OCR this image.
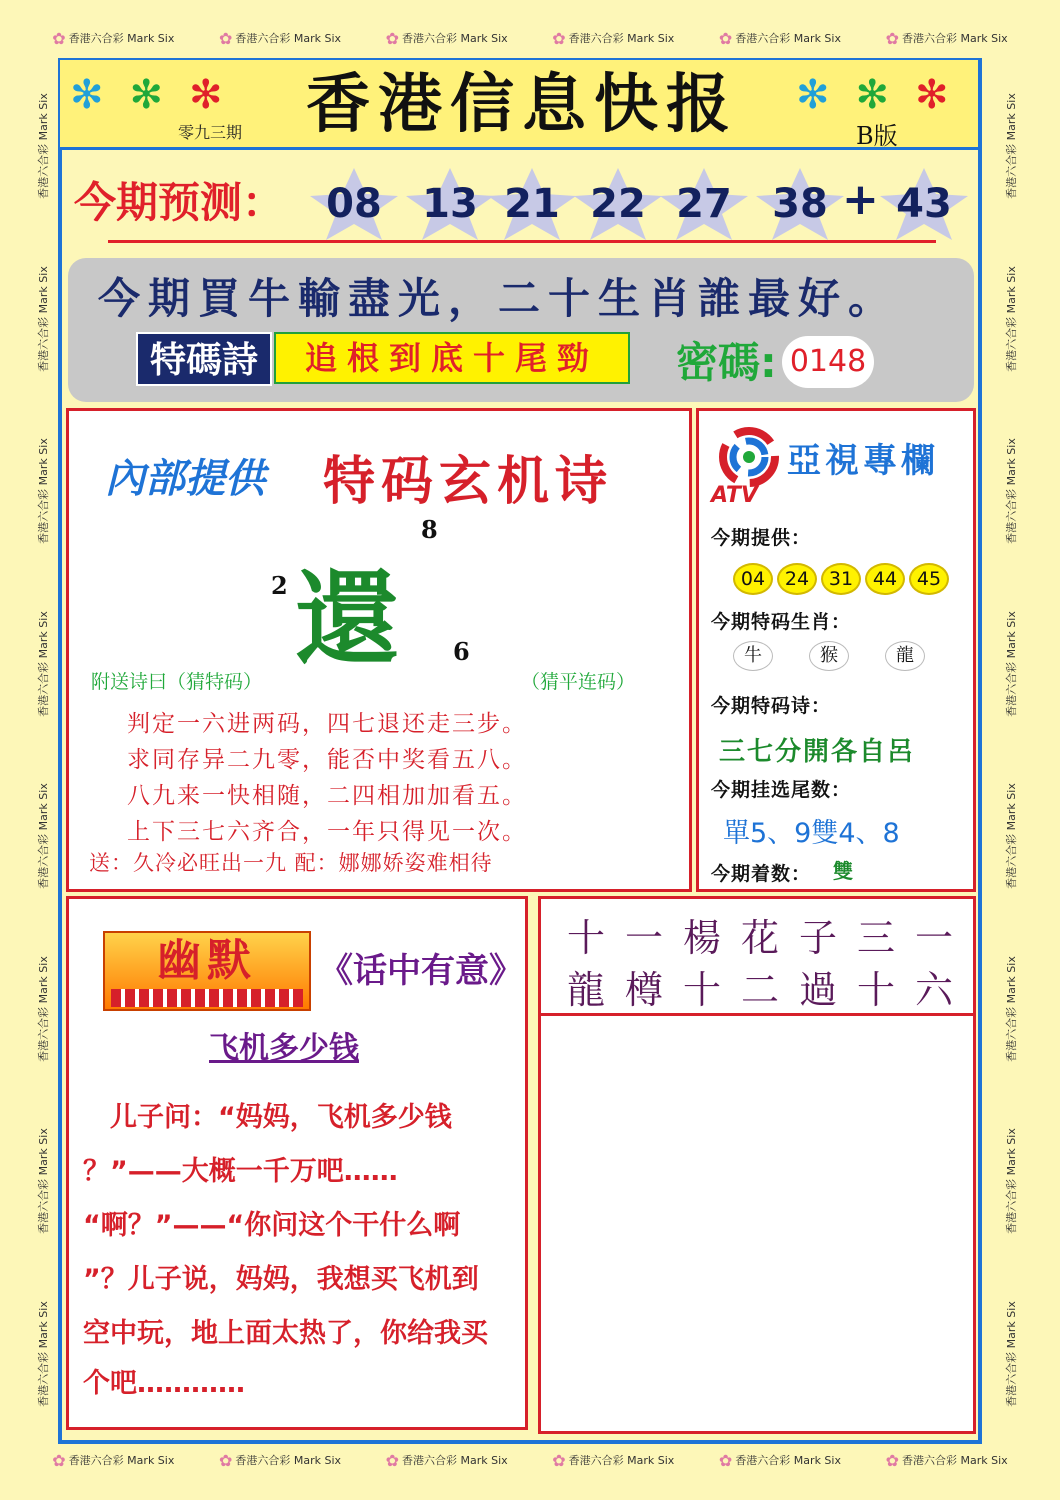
✿ 香港六合彩 Mark Six	✿ 香港六合彩 Mark Six	✿ 香港六合彩 Mark Six	✿ 香港六合彩 Mark Six	✿ 香港六合彩 Mark Six	✿ 香港六合彩 Mark Six
✿ 香港六合彩 Mark Six	✿ 香港六合彩 Mark Six	✿ 香港六合彩 Mark Six	✿ 香港六合彩 Mark Six	✿ 香港六合彩 Mark Six	✿ 香港六合彩 Mark Six
香港六合彩 Mark Six
香港六合彩 Mark Six
香港六合彩 Mark Six
香港六合彩 Mark Six
香港六合彩 Mark Six
香港六合彩 Mark Six
香港六合彩 Mark Six
香港六合彩 Mark Six
香港六合彩 Mark Six
香港六合彩 Mark Six
香港六合彩 Mark Six
香港六合彩 Mark Six
香港六合彩 Mark Six
香港六合彩 Mark Six
香港六合彩 Mark Six
香港六合彩 Mark Six
✻ ✻ ✻
零九三期 香港信息快报	✻ ✻ ✻
B版
今期预测： 08 13 21 22 27 38 + 43
今期買牛輸盡光，二十生肖誰最好。
特碼詩	追根到底十尾勁	密碼: 0148
內部提供 特码玄机诗
2
8
還 6
附送诗曰（猜特码）	（猜平连码）
判定一六进两码，四七退还走三步。
求同存异二九零，能否中奖看五八。
八九来一快相随，二四相加加看五。
上下三七六齐合，一年只得见一次。
送：久冷必旺出一九 配：娜娜娇姿难相待
ATV
亞視專欄
今期提供：
04	24	31	44	45
今期特码生肖：
牛	猴	龍
今期特码诗：
三七分開各自呂
今期挂选尾数：
單5、9雙4、8
今期着数： 雙
幽默	《话中有意》
飞机多少钱
　儿子问：“妈妈，飞机多少钱
？”——大概一千万吧……
“啊？”——“你问这个干什么啊
”？儿子说，妈妈，我想买飞机到
空中玩，地上面太热了，你给我买
个吧…………
十 一 楊 花 子 三 一
龍 樽 十 二 過 十 六
